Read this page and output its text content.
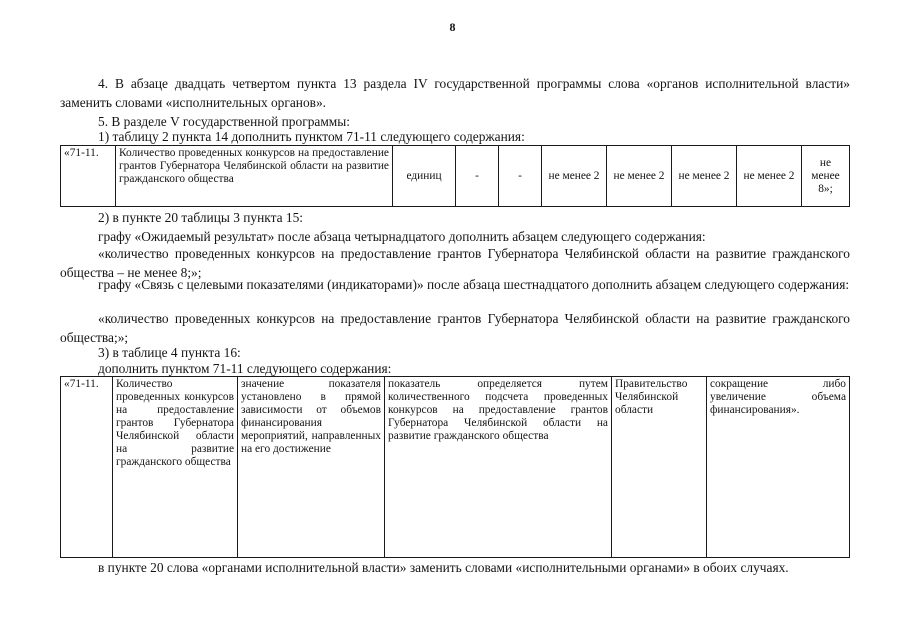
8

4. В абзаце двадцать четвертом пункта 13 раздела IV государственной программы слова «органов исполнительной власти» заменить словами «исполнительных органов».

5. В разделе V государственной программы:

1) таблицу 2 пункта 14 дополнить пунктом 71-11 следующего содержания:

«71-11.	Количество проведенных конкурсов на предоставление грантов Губернатора Челябинской области на развитие гражданского общества	единиц	-	-	не менее 2	не менее 2	не менее 2	не менее 2	не менее 8»;

2) в пункте 20 таблицы 3 пункта 15:

графу «Ожидаемый результат» после абзаца четырнадцатого дополнить абзацем следующего содержания:

«количество проведенных конкурсов на предоставление грантов Губернатора Челябинской области на развитие гражданского общества – не менее 8;»;

графу «Связь с целевыми показателями (индикаторами)» после абзаца шестнадцатого дополнить абзацем следующего содержания:

«количество проведенных конкурсов на предоставление грантов Губернатора Челябинской области на развитие гражданского общества;»;

3) в таблице 4 пункта 16:

дополнить пунктом 71-11 следующего содержания:

«71-11.	Количество проведенных конкурсов на предоставление грантов Губернатора Челябинской области на развитие гражданского общества	значение показателя установлено в прямой зависимости от объемов финансирования мероприятий, направленных на его достижение	показатель определяется путем количественного подсчета проведенных конкурсов на предоставление грантов Губернатора Челябинской области на развитие гражданского общества	Правительство Челябинской области	сокращение либо увеличение объема финансирования».

в пункте 20 слова «органами исполнительной власти» заменить словами «исполнительными органами» в обоих случаях.
